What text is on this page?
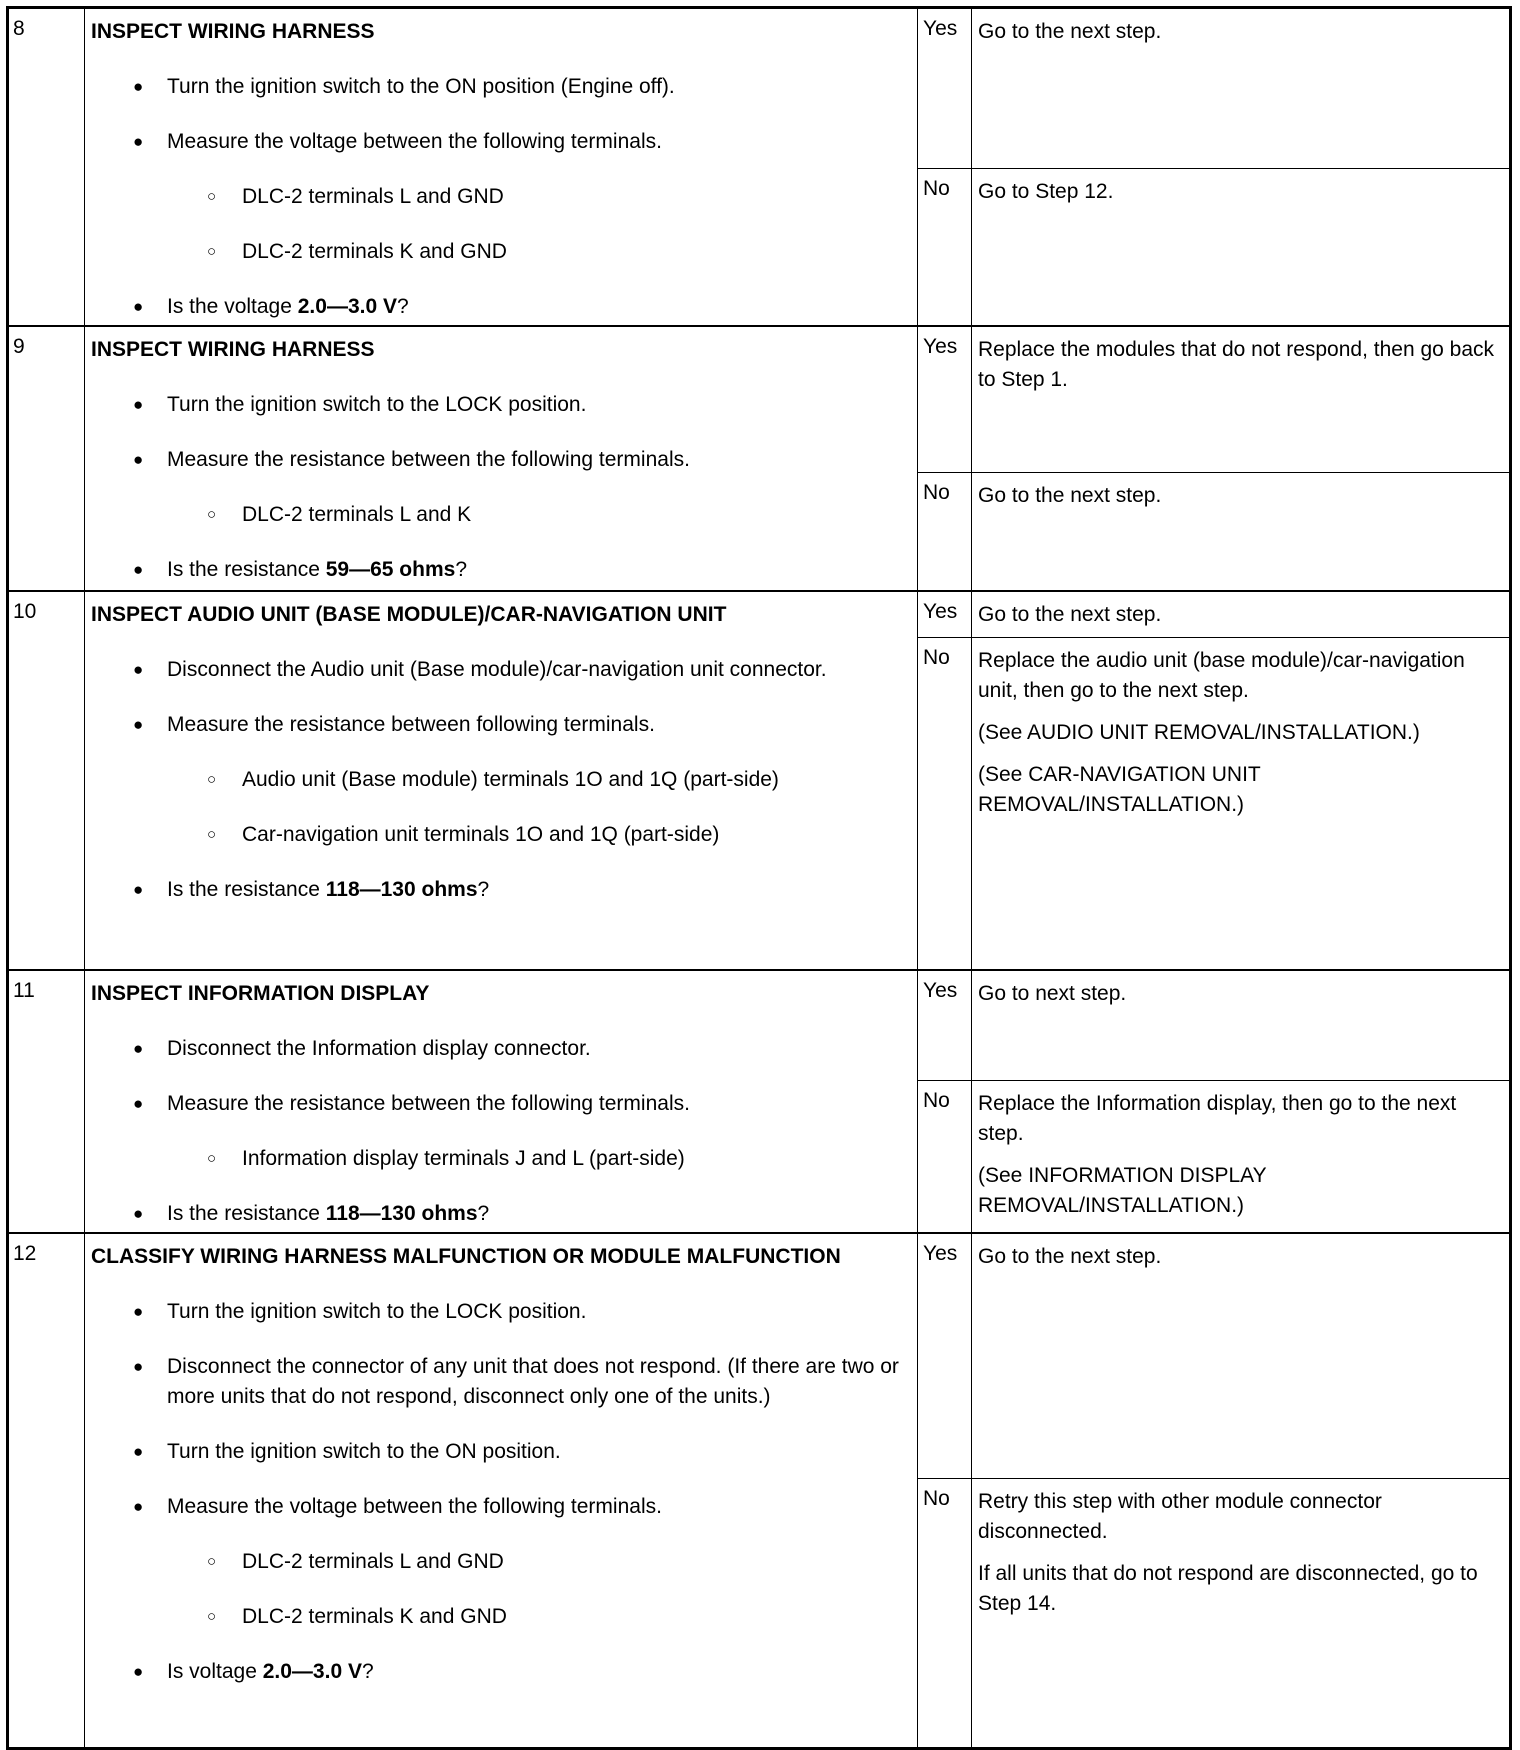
8	INSPECT WIRING HARNESS

● Turn the ignition switch to the ON position (Engine off).
● Measure the voltage between the following terminals.
○ DLC-2 terminals L and GND
○ DLC-2 terminals K and GND
● Is the voltage 2.0—3.0 V?
Yes Go to the next step.

No	Go to Step 12.

9	INSPECT WIRING HARNESS

● Turn the ignition switch to the LOCK position.
● Measure the resistance between the following terminals.
○ DLC-2 terminals L and K
● Is the resistance 59—65 ohms?
Yes Replace the modules that do not respond, then go back to Step 1.

No	Go to the next step.

10	INSPECT AUDIO UNIT (BASE MODULE)/CAR-NAVIGATION UNIT

● Disconnect the Audio unit (Base module)/car-navigation unit connector.
● Measure the resistance between following terminals.
○ Audio unit (Base module) terminals 1O and 1Q (part-side)
○ Car-navigation unit terminals 1O and 1Q (part-side)
● Is the resistance 118—130 ohms?
Yes Go to the next step.

No	Replace the audio unit (base module)/car-navigation unit, then go to the next step.

(See AUDIO UNIT REMOVAL/INSTALLATION.)

(See CAR-NAVIGATION UNIT REMOVAL/INSTALLATION.)

11	INSPECT INFORMATION DISPLAY

● Disconnect the Information display connector.
● Measure the resistance between the following terminals.
○ Information display terminals J and L (part-side)
● Is the resistance 118—130 ohms?
Yes Go to next step.

No	Replace the Information display, then go to the next step.

(See INFORMATION DISPLAY REMOVAL/INSTALLATION.)

12	CLASSIFY WIRING HARNESS MALFUNCTION OR MODULE MALFUNCTION

● Turn the ignition switch to the LOCK position.
● Disconnect the connector of any unit that does not respond. (If there are two or more units that do not respond, disconnect only one of the units.)
● Turn the ignition switch to the ON position.
● Measure the voltage between the following terminals.
○ DLC-2 terminals L and GND
○ DLC-2 terminals K and GND
● Is voltage 2.0—3.0 V?
Yes Go to the next step.

No	Retry this step with other module connector disconnected.

If all units that do not respond are disconnected, go to Step 14.
